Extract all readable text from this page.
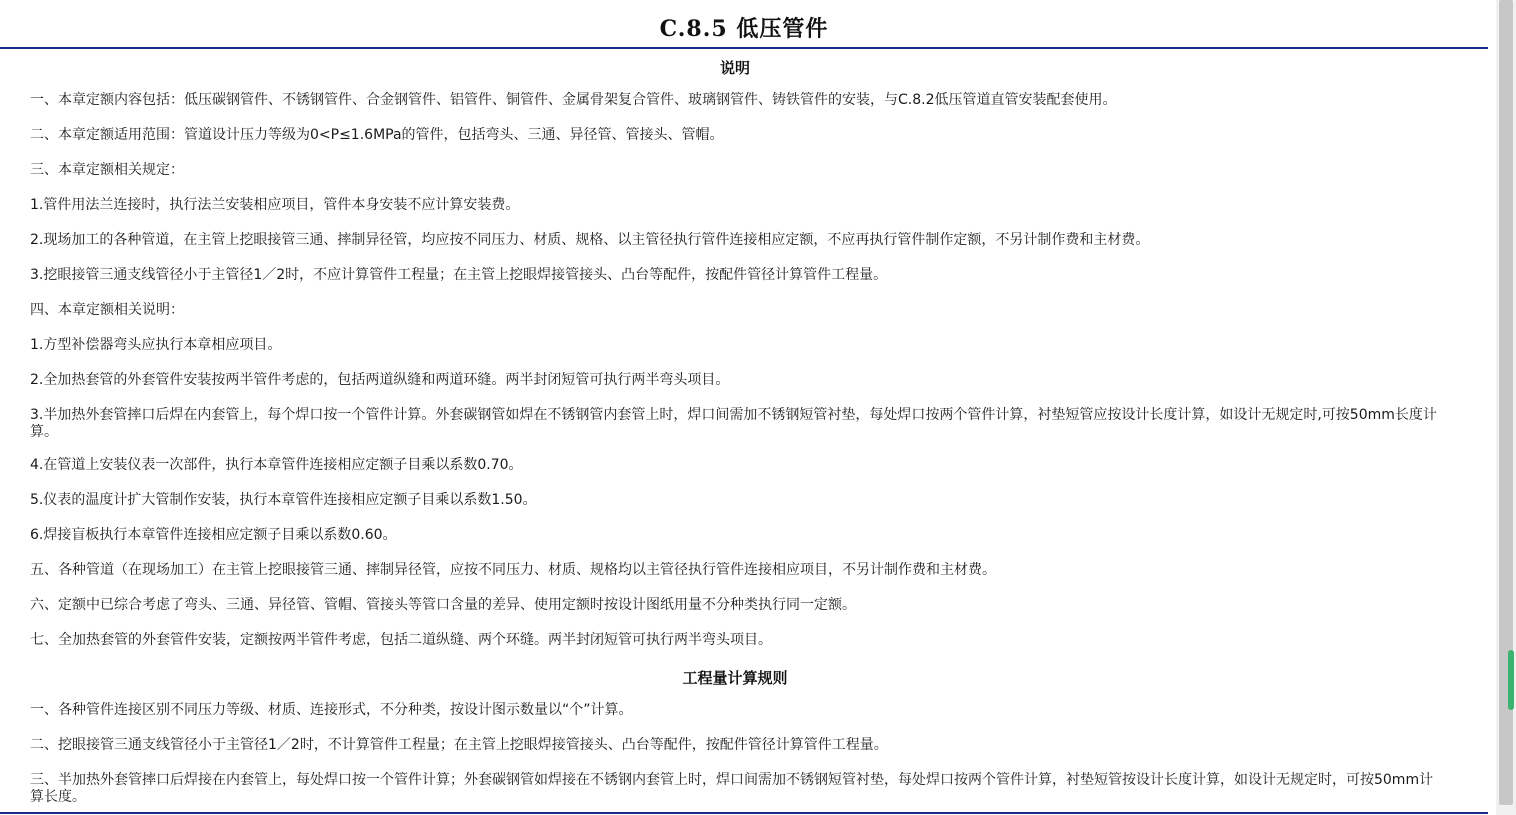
C.8.5 低压管件
说明
一、本章定额内容包括：低压碳钢管件、不锈钢管件、合金钢管件、铝管件、铜管件、金属骨架复合管件、玻璃钢管件、铸铁管件的安装，与C.8.2低压管道直管安装配套使用。
二、本章定额适用范围：管道设计压力等级为0<P≤1.6MPa的管件，包括弯头、三通、异径管、管接头、管帽。
三、本章定额相关规定：
1.管件用法兰连接时，执行法兰安装相应项目，管件本身安装不应计算安装费。
2.现场加工的各种管道，在主管上挖眼接管三通、摔制异径管，均应按不同压力、材质、规格、以主管径执行管件连接相应定额，不应再执行管件制作定额，不另计制作费和主材费。
3.挖眼接管三通支线管径小于主管径1／2时，不应计算管件工程量；在主管上挖眼焊接管接头、凸台等配件，按配件管径计算管件工程量。
四、本章定额相关说明：
1.方型补偿器弯头应执行本章相应项目。
2.全加热套管的外套管件安装按两半管件考虑的，包括两道纵缝和两道环缝。两半封闭短管可执行两半弯头项目。
3.半加热外套管摔口后焊在内套管上，每个焊口按一个管件计算。外套碳钢管如焊在不锈钢管内套管上时，焊口间需加不锈钢短管衬垫，每处焊口按两个管件计算，衬垫短管应按设计长度计算，如设计无规定时,可按50mm长度计算。
4.在管道上安装仪表一次部件，执行本章管件连接相应定额子目乘以系数0.70。
5.仪表的温度计扩大管制作安装，执行本章管件连接相应定额子目乘以系数1.50。
6.焊接盲板执行本章管件连接相应定额子目乘以系数0.60。
五、各种管道（在现场加工）在主管上挖眼接管三通、摔制异径管，应按不同压力、材质、规格均以主管径执行管件连接相应项目，不另计制作费和主材费。
六、定额中已综合考虑了弯头、三通、异径管、管帽、管接头等管口含量的差异、使用定额时按设计图纸用量不分种类执行同一定额。
七、全加热套管的外套管件安装，定额按两半管件考虑，包括二道纵缝、两个环缝。两半封闭短管可执行两半弯头项目。
工程量计算规则
一、各种管件连接区别不同压力等级、材质、连接形式，不分种类，按设计图示数量以“个”计算。
二、挖眼接管三通支线管径小于主管径1／2时，不计算管件工程量；在主管上挖眼焊接管接头、凸台等配件，按配件管径计算管件工程量。
三、半加热外套管摔口后焊接在内套管上，每处焊口按一个管件计算；外套碳钢管如焊接在不锈钢内套管上时，焊口间需加不锈钢短管衬垫，每处焊口按两个管件计算，衬垫短管按设计长度计算，如设计无规定时，可按50mm计算长度。
